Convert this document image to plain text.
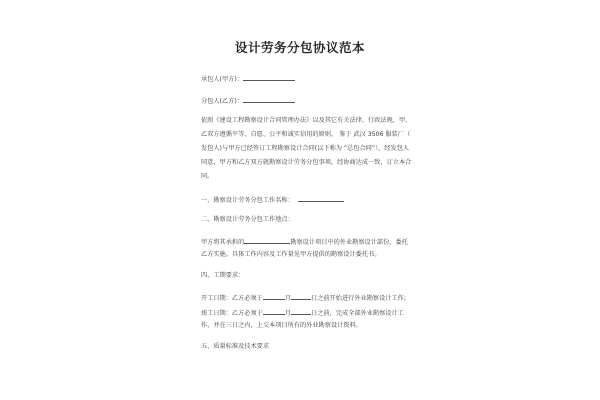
设计劳务分包协议范本
承包人(甲方)：
分包人(乙方)：
依照《建设工程勘察设计合同管理办法》以及其它有关法律、行政法规，甲、
乙双方遵循平等、自愿、公平和诚实信用的原则， 鉴于 武汉 3506 服装厂（
发包人)与甲方已经签订工程勘察设计合同(以下称为 “总包合同”），经发包人
同意，甲方和乙方双方就勘察设计劳务分包事项，经协商达成一致，订立本合
同。
一、勘察设计劳务分包工作名称：
二、勘察设计劳务分包工作地点：
甲方将其承担的	勘察设计项目中的外业勘察设计部份，委托
乙方实施。具体工作内容及工作量见甲方提供的勘察设计委托书。
四、工期要求：
开工日期：乙方必须于	月	日之前开始进行外业勘察设计工作;
竣工日期：乙方必须于	月	日之前，完成全部外业勘察设计工
作，并在三日之内，上交本项目所有的外业勘察设计资料。
五、质量标准及技术要求
